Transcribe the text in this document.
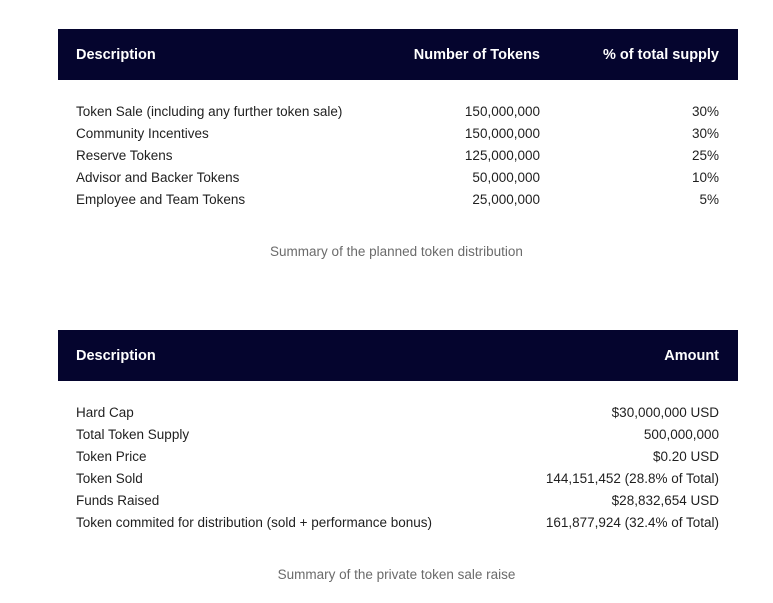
Description	Number of Tokens	% of total supply
Token Sale (including any further token sale)	150,000,000	30%
Community Incentives	150,000,000	30%
Reserve Tokens	125,000,000	25%
Advisor and Backer Tokens	50,000,000	10%
Employee and Team Tokens	25,000,000	5%
Summary of the planned token distribution
Description	Amount
Hard Cap	$30,000,000 USD
Total Token Supply	500,000,000
Token Price	$0.20 USD
Token Sold	144,151,452 (28.8% of Total)
Funds Raised	$28,832,654 USD
Token commited for distribution (sold + performance bonus)	161,877,924 (32.4% of Total)
Summary of the private token sale raise
